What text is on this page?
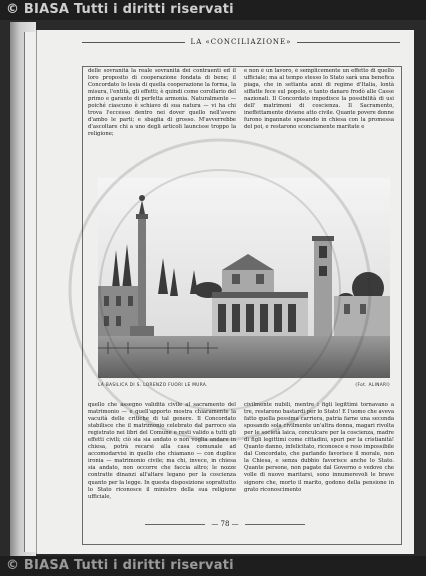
© BIASA Tutti i diritti riservati
LA «CONCILIAZIONE»

delle sovranità la reale sovranità dei contraenti ed il loro proposito di cooperazione fondata di bene; il Concordato lo lesia di quella cooperazione la forma, la misura, l'entità, gli effetti; è quindi come corollario del primo e garante di perfetta armonia. Naturalmente — poiché ciascuno è schiavo di sua natura — vi ha chi trova l'eccesso dentro nei dover quello nell'avere d'ambo le parti; e sbaglia di grosso. M'avverrebbe d'ascoltare chi a uno degli articoli launcisse troppo la religione;

e non è un lavoro, è semplicemente un effetto di quello ufficiale; ma al tempo stesso lo Stato sarà una benefica piaga, che in settanta anni di regime d'Italia, lontà siffatte fece sul popolo, e tanto danaro frodò alle Casse nazionali. Il Concordato impedisce la possibilità di usi dell' matrimoni di coscienza. Il Sacramento, ineffettamente diviene atto civile. Quante povere donne furono ingannate sposando in chiesa con la promessa del poi, e restarono sconciamente maritate e

LA BASILICA DI S. LORENZO FUORI LE MURA.	(Fot. ALINARI)

quello che assegno validità civile al sacramento del matrimonio — e quell'apporto mostra chiaramente la vacuità delle critiche di tal genere. Il Concordato stabilisce che il matrimonio celebrato dal parroco sia registrato nei libri del Comune e resti valido a tutti gli effetti civili; ciò sia sia andato o non voglia andare in chiesa, potrà recarsi alla casa comunale ad accomodarvisi in quello che chiamano — con duplice ironia — matrimonio civile; ma chi, invece, in chiesa sia andato, non occorre che faccia altro; le nozze contratte dinanzi all'altare legano per la coscienza quanto per la legge. In questa disposizione soprattutto lo Stato riconosce il ministro della sua religione ufficiale,

civilmente nubili, mentre i figli legittimi tornavano a tre, restarono bastardi per lo Stato! E l'uomo che aveva fatto quella pessima carriera, patria farne una seconda sposando sola civilmente un'altra donna, magari rivolta per le società laica, conculcare per la coscienza, madre di figli legittimi come cittadini, spuri per la cristianità! Quanto danno, infelicitato, riconosce e reso impossibile dal Concordato, che parlando favorisce il morale, non la Chiesa, e senza dubbio favorisce anche lo Stato. Quante persone, non pagate dal Governo o vedove che volle di nuovo maritarsi, sono innumerevoli le brave signore che, morto il marito, godono della pensione in grato riconoscimento

— 78 —
© BIASA Tutti i diritti riservati
